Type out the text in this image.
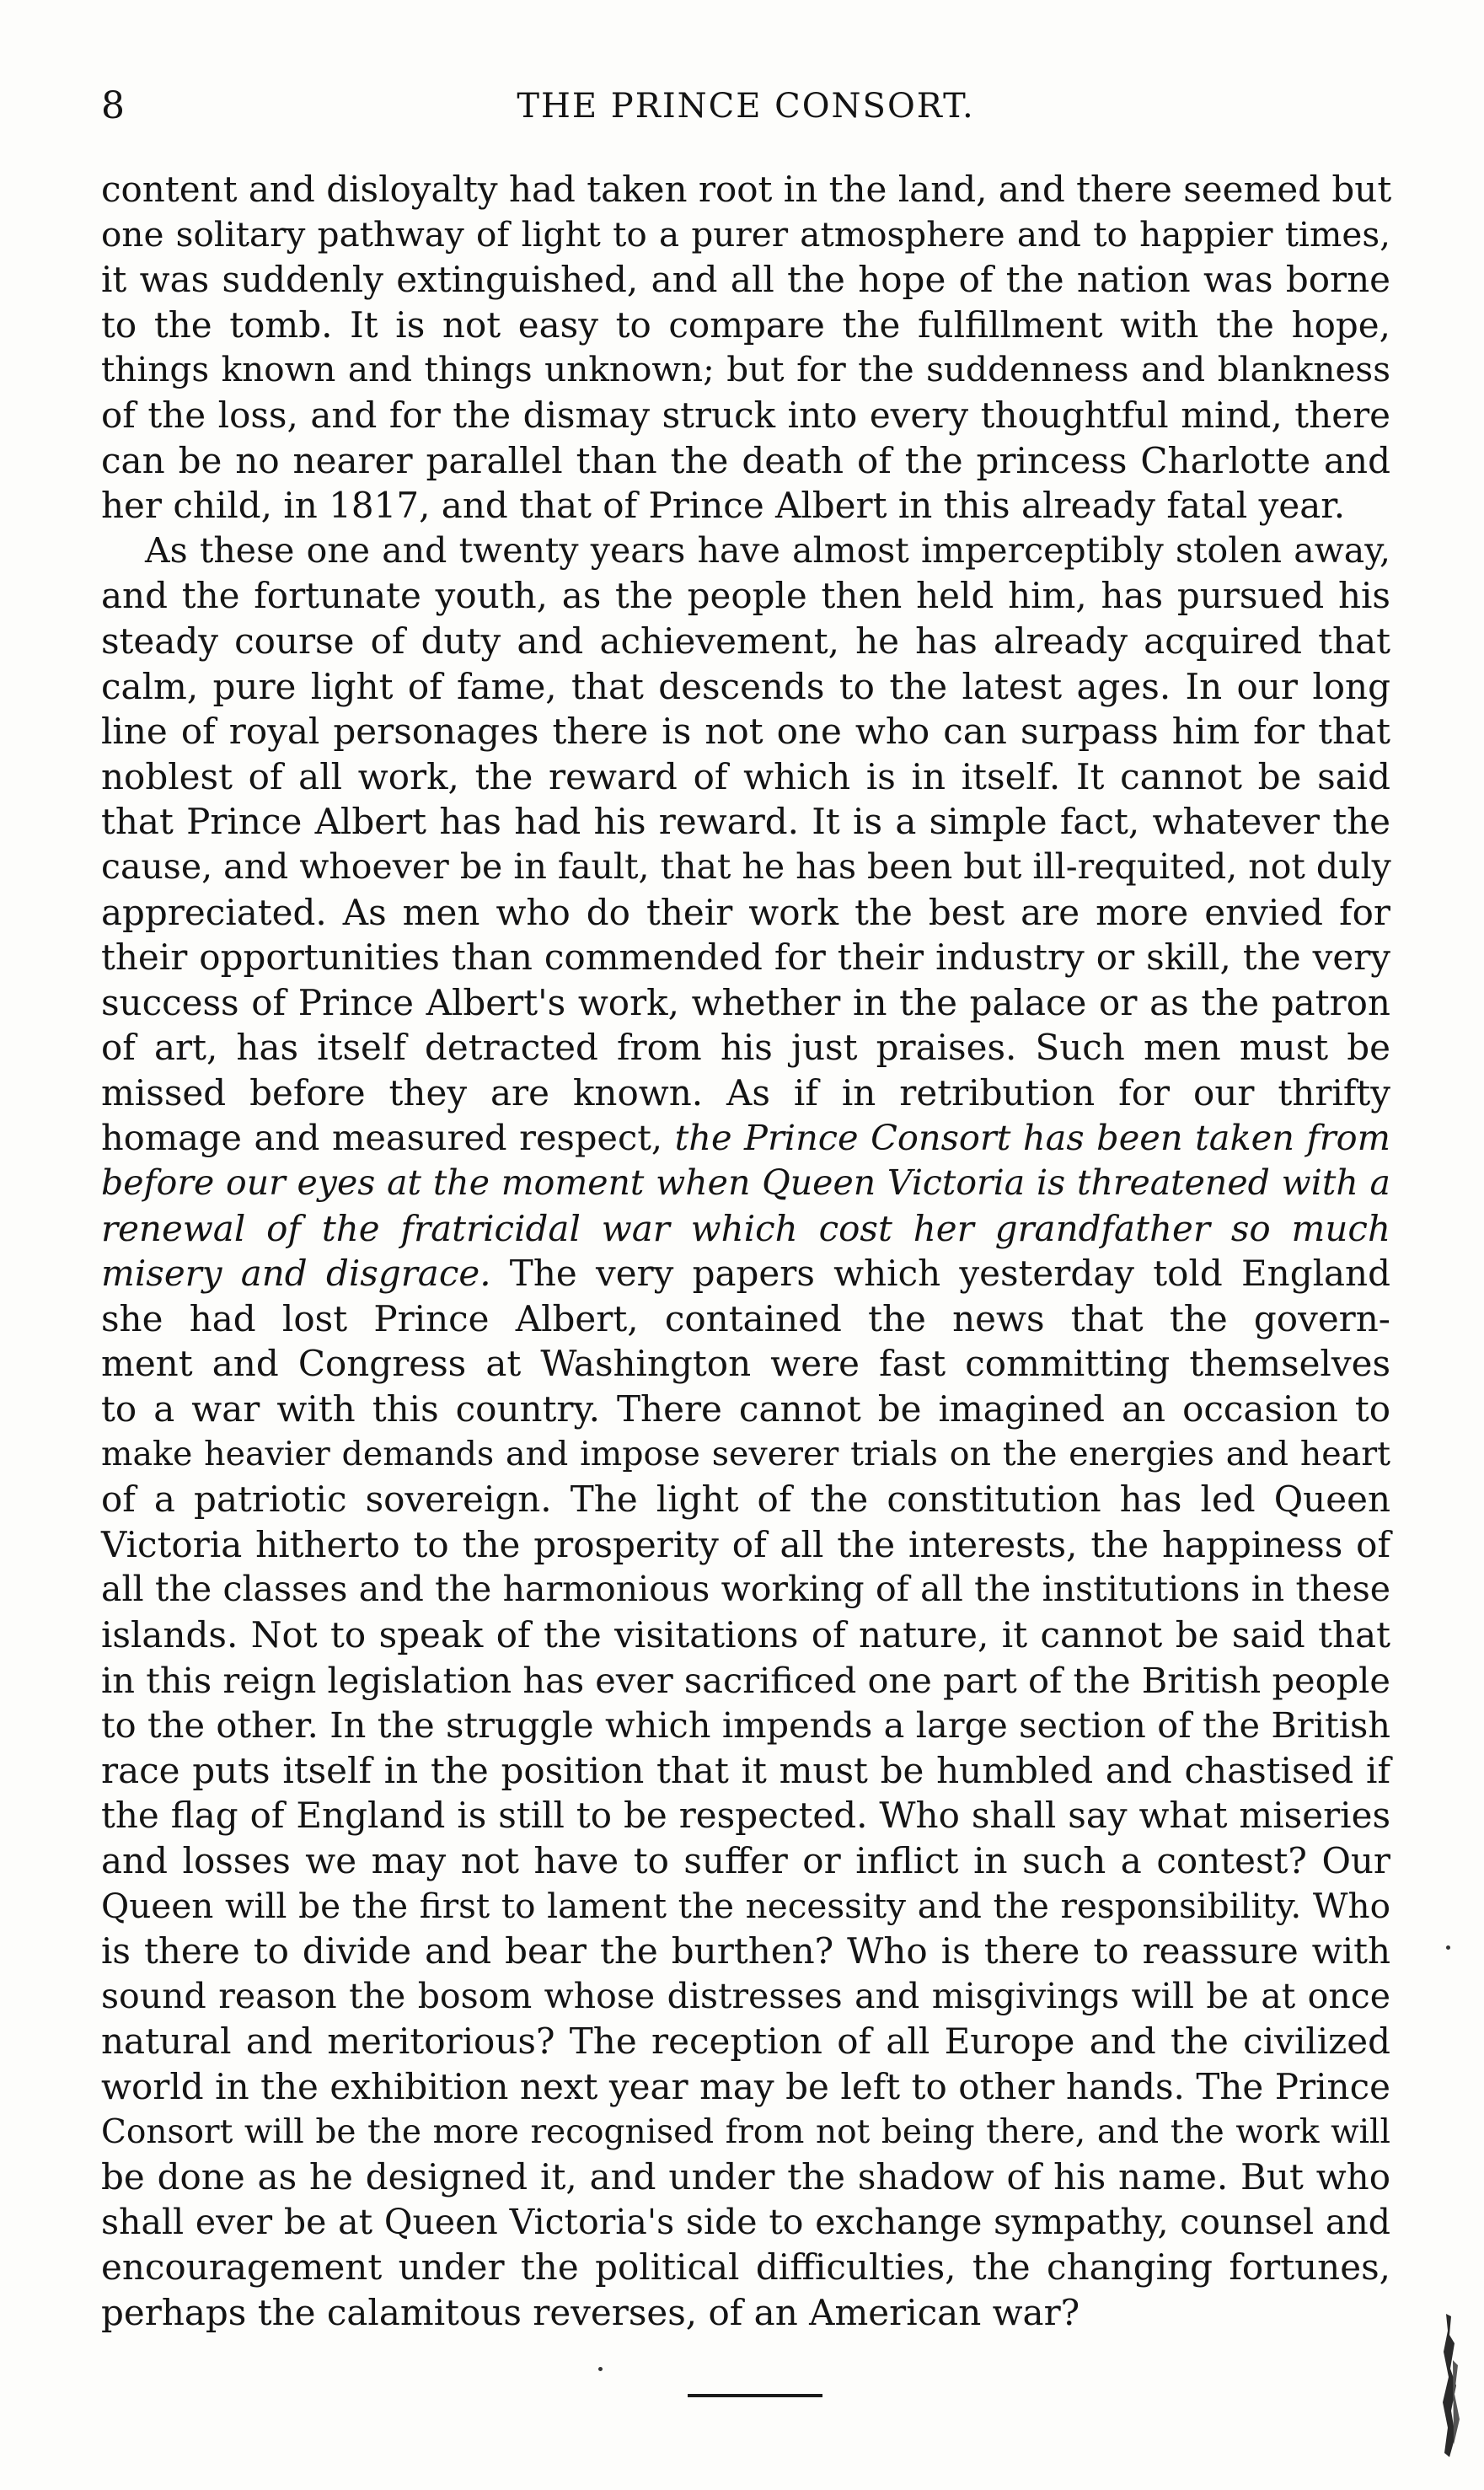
8	THE PRINCE CONSORT.
content and disloyalty had taken root in the land, and there seemed but
one solitary pathway of light to a purer atmosphere and to happier times,
it was suddenly extinguished, and all the hope of the nation was borne
to the tomb. It is not easy to compare the fulfillment with the hope,
things known and things unknown; but for the suddenness and blankness
of the loss, and for the dismay struck into every thoughtful mind, there
can be no nearer parallel than the death of the princess Charlotte and
her child, in 1817, and that of Prince Albert in this already fatal year.
As these one and twenty years have almost imperceptibly stolen away,
and the fortunate youth, as the people then held him, has pursued his
steady course of duty and achievement, he has already acquired that
calm, pure light of fame, that descends to the latest ages. In our long
line of royal personages there is not one who can surpass him for that
noblest of all work, the reward of which is in itself. It cannot be said
that Prince Albert has had his reward. It is a simple fact, whatever the
cause, and whoever be in fault, that he has been but ill-requited, not duly
appreciated. As men who do their work the best are more envied for
their opportunities than commended for their industry or skill, the very
success of Prince Albert's work, whether in the palace or as the patron
of art, has itself detracted from his just praises. Such men must be
missed before they are known. As if in retribution for our thrifty
homage and measured respect, the Prince Consort has been taken from
before our eyes at the moment when Queen Victoria is threatened with a
renewal of the fratricidal war which cost her grandfather so much
misery and disgrace. The very papers which yesterday told England
she had lost Prince Albert, contained the news that the govern-
ment and Congress at Washington were fast committing themselves
to a war with this country. There cannot be imagined an occasion to
make heavier demands and impose severer trials on the energies and heart
of a patriotic sovereign. The light of the constitution has led Queen
Victoria hitherto to the prosperity of all the interests, the happiness of
all the classes and the harmonious working of all the institutions in these
islands. Not to speak of the visitations of nature, it cannot be said that
in this reign legislation has ever sacrificed one part of the British people
to the other. In the struggle which impends a large section of the British
race puts itself in the position that it must be humbled and chastised if
the flag of England is still to be respected. Who shall say what miseries
and losses we may not have to suffer or inflict in such a contest? Our
Queen will be the first to lament the necessity and the responsibility. Who
is there to divide and bear the burthen? Who is there to reassure with
sound reason the bosom whose distresses and misgivings will be at once
natural and meritorious? The reception of all Europe and the civilized
world in the exhibition next year may be left to other hands. The Prince
Consort will be the more recognised from not being there, and the work will
be done as he designed it, and under the shadow of his name. But who
shall ever be at Queen Victoria's side to exchange sympathy, counsel and
encouragement under the political difficulties, the changing fortunes,
perhaps the calamitous reverses, of an American war?
